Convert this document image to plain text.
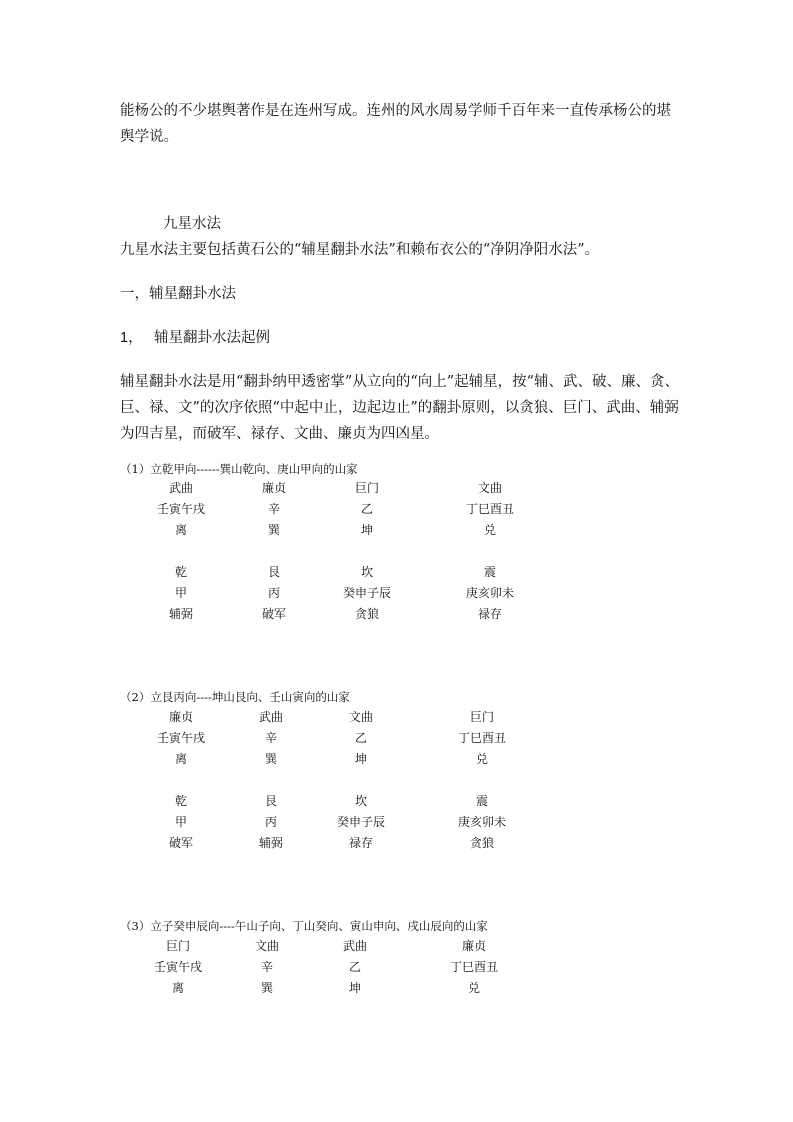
能杨公的不少堪舆著作是在连州写成。连州的风水周易学师千百年来一直传承杨公的堪舆学说。

九星水法

九星水法主要包括黄石公的“辅星翻卦水法”和赖布衣公的“净阴净阳水法”。

一，辅星翻卦水法

1， 辅星翻卦水法起例

辅星翻卦水法是用“翻卦纳甲透密掌”从立向的“向上”起辅星，按“辅、武、破、廉、贪、巨、禄、文”的次序依照“中起中止，边起边止”的翻卦原则，以贪狼、巨门、武曲、辅弼为四吉星，而破军、禄存、文曲、廉贞为四凶星。

（1）立乾甲向------巽山乾向、庚山甲向的山家
武曲	廉贞	巨门	文曲
壬寅午戌	辛	乙	丁巳酉丑
离	巽	坤	兑
乾	艮	坎	震
甲	丙	癸申子辰	庚亥卯未
辅弼	破军	贪狼	禄存
（2）立艮丙向----坤山艮向、壬山寅向的山家
廉贞	武曲	文曲	巨门
壬寅午戌	辛	乙	丁巳酉丑
离	巽	坤	兑
乾	艮	坎	震
甲	丙	癸申子辰	庚亥卯未
破军	辅弼	禄存	贪狼
（3）立子癸申辰向----午山子向、丁山癸向、寅山申向、戌山辰向的山家
巨门	文曲	武曲	廉贞
壬寅午戌	辛	乙	丁巳酉丑
离	巽	坤	兑
